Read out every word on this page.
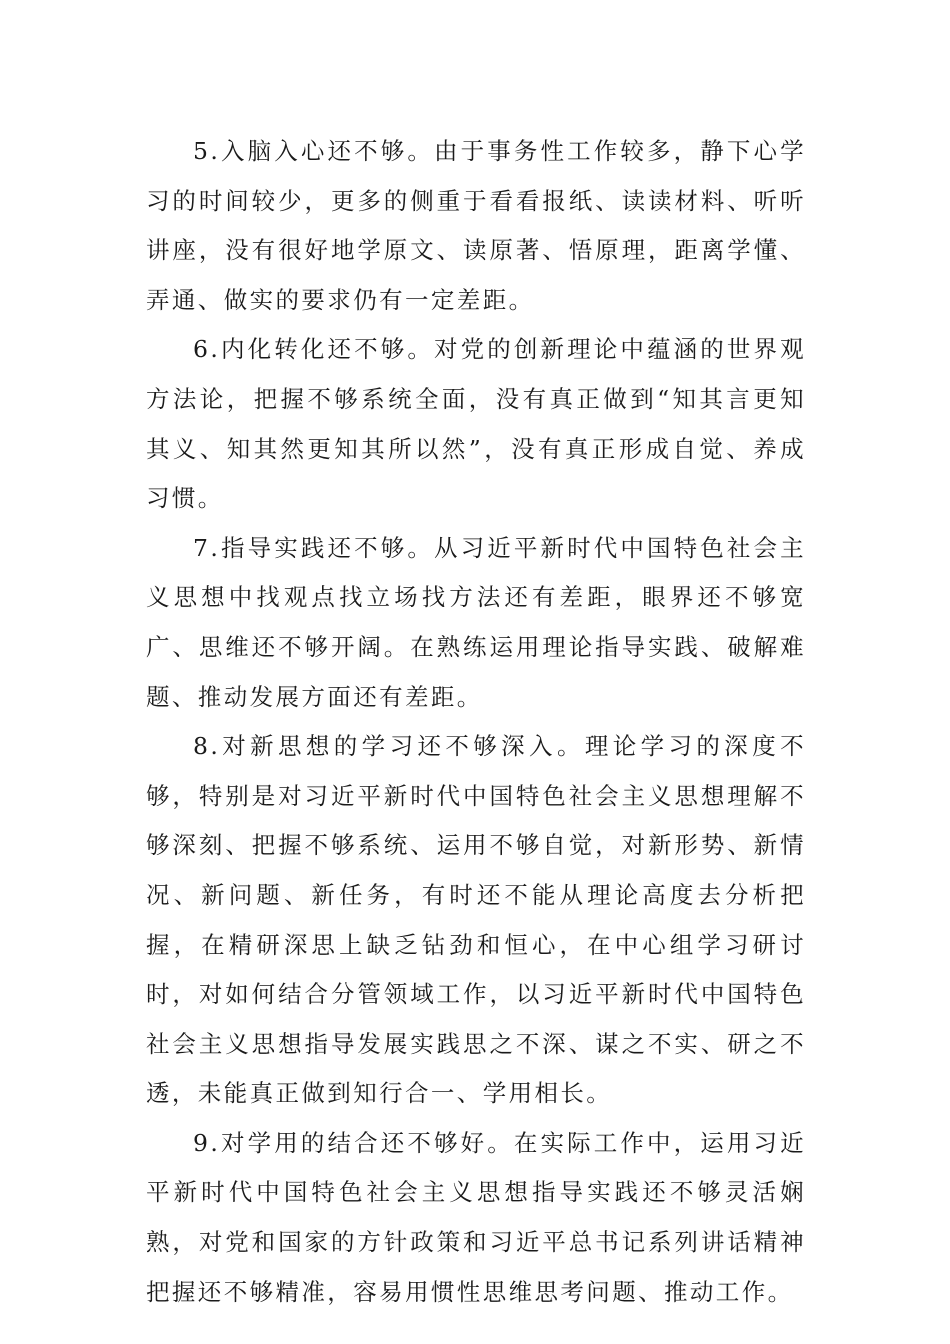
5.入脑入心还不够。由于事务性工作较多，静下心学习的时间较少，更多的侧重于看看报纸、读读材料、听听讲座，没有很好地学原文、读原著、悟原理，距离学懂、弄通、做实的要求仍有一定差距。

6.内化转化还不够。对党的创新理论中蕴涵的世界观方法论，把握不够系统全面，没有真正做到“知其言更知其义、知其然更知其所以然”，没有真正形成自觉、养成习惯。

7.指导实践还不够。从习近平新时代中国特色社会主义思想中找观点找立场找方法还有差距，眼界还不够宽广、思维还不够开阔。在熟练运用理论指导实践、破解难题、推动发展方面还有差距。

8.对新思想的学习还不够深入。理论学习的深度不够，特别是对习近平新时代中国特色社会主义思想理解不够深刻、把握不够系统、运用不够自觉，对新形势、新情况、新问题、新任务，有时还不能从理论高度去分析把握，在精研深思上缺乏钻劲和恒心，在中心组学习研讨时，对如何结合分管领域工作，以习近平新时代中国特色社会主义思想指导发展实践思之不深、谋之不实、研之不透，未能真正做到知行合一、学用相长。

9.对学用的结合还不够好。在实际工作中，运用习近平新时代中国特色社会主义思想指导实践还不够灵活娴熟，对党和国家的方针政策和习近平总书记系列讲话精神把握还不够精准，容易用惯性思维思考问题、推动工作。
